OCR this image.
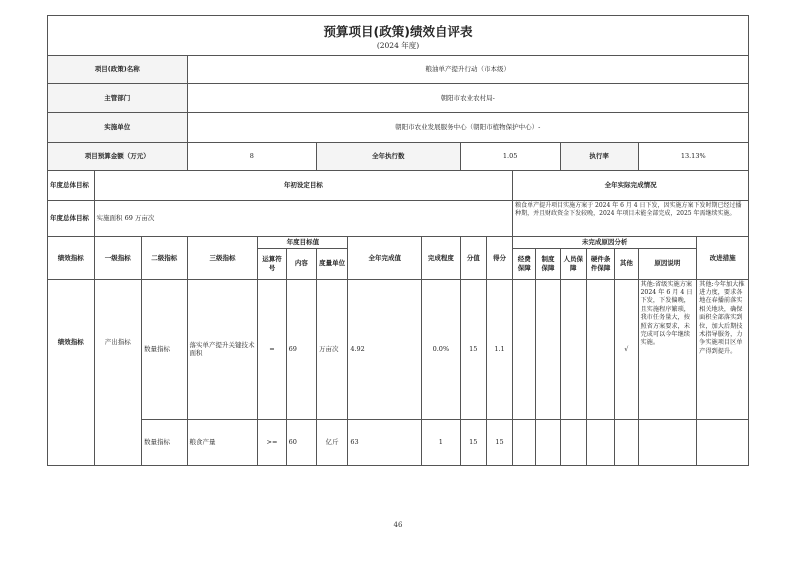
预算项目(政策)绩效自评表
(2024 年度)																	

项目(政策)名称			粮油单产提升行动（市本级）														
主管部门			朝阳市农业农村局-														
实施单位			朝阳市农业发展服务中心（朝阳市植物保护中心）-														
项目预算金额（万元）			8			全年执行数			1.05				执行率			13.13%	
年度总体目标	年初设定目标										全年实际完成情况						
年度总体目标	实施面积 69 万亩次										粮食单产提升项目实施方案于 2024 年 6 月 4 日下发，因实施方案下发时期已经过播种期，并且财政资金下发较晚，2024 年项目未能全部完成，2025 年需继续实施。						
绩效指标	一级指标	二级指标	三级指标	年度目标值			全年完成值	完成程度	分值	得分	未完成原因分析						改进措施
				运算符号	内容	度量单位					经费保障	制度保障	人员保障	硬件条件保障	其他	原因说明	
绩效指标	产出指标	数量指标	落实单产提升关键技术面积	=	69	万亩次	4.92	0.0%	15	1.1					√	其他:省级实施方案 2024 年 6 月 4 日下发，下发偏晚，且实施程序繁琐，我市任务量大，按照省方案要求，未完成可以今年继续实施。	其他:今年加大推进力度，要求各地在春播前落实相关地块，确保面积全部落实到位，加大后期技术指导服务，力争实施项目区单产得到提升。
		数量指标	粮食产量	>=	60	亿斤	63	1	15	15							
46
